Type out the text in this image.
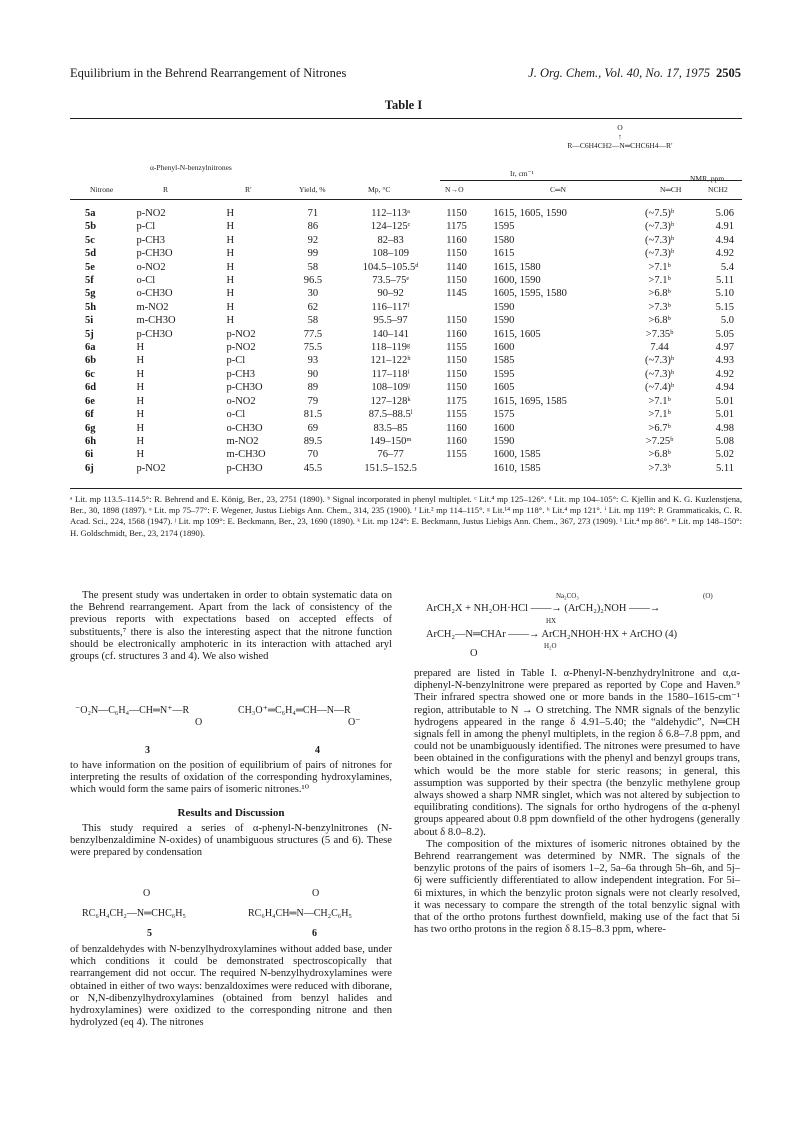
Equilibrium in the Behrend Rearrangement of Nitrones	J. Org. Chem., Vol. 40, No. 17, 1975 2505
Table I
O
↑
R—C6H4CH2—N═CHC6H4—R′
α-Phenyl-N-benzylnitrones
Ir, cm⁻¹
NMR, ppm
Nitrone	R	R′	Yield, %	Mp, °C	N→O	C═N	N═CH	NCH2
5a	p-NO2	H	71	112–113ᵃ	1150	1615, 1605, 1590	(~7.5)ᵇ	5.06
5b	p-Cl	H	86	124–125ᶜ	1175	1595	(~7.3)ᵇ	4.91
5c	p-CH3	H	92	82–83	1160	1580	(~7.3)ᵇ	4.94
5d	p-CH3O	H	99	108–109	1150	1615	(~7.3)ᵇ	4.92
5e	o-NO2	H	58	104.5–105.5ᵈ	1140	1615, 1580	>7.1ᵇ	5.4
5f	o-Cl	H	96.5	73.5–75ᵉ	1150	1600, 1590	>7.1ᵇ	5.11
5g	o-CH3O	H	30	90–92	1145	1605, 1595, 1580	>6.8ᵇ	5.10
5h	m-NO2	H	62	116–117ᶠ		1590	>7.3ᵇ	5.15
5i	m-CH3O	H	58	95.5–97	1150	1590	>6.8ᵇ	5.0
5j	p-CH3O	p-NO2	77.5	140–141	1160	1615, 1605	>7.35ᵇ	5.05
6a	H	p-NO2	75.5	118–119ᵍ	1155	1600	7.44	4.97
6b	H	p-Cl	93	121–122ʰ	1150	1585	(~7.3)ᵇ	4.93
6c	H	p-CH3	90	117–118ⁱ	1150	1595	(~7.3)ᵇ	4.92
6d	H	p-CH3O	89	108–109ʲ	1150	1605	(~7.4)ᵇ	4.94
6e	H	o-NO2	79	127–128ᵏ	1175	1615, 1695, 1585	>7.1ᵇ	5.01
6f	H	o-Cl	81.5	87.5–88.5ˡ	1155	1575	>7.1ᵇ	5.01
6g	H	o-CH3O	69	83.5–85	1160	1600	>6.7ᵇ	4.98
6h	H	m-NO2	89.5	149–150ᵐ	1160	1590	>7.25ᵇ	5.08
6i	H	m-CH3O	70	76–77	1155	1600, 1585	>6.8ᵇ	5.02
6j	p-NO2	p-CH3O	45.5	151.5–152.5		1610, 1585	>7.3ᵇ	5.11
ᵃ Lit. mp 113.5–114.5°: R. Behrend and E. König, Ber., 23, 2751 (1890). ᵇ Signal incorporated in phenyl multiplet. ᶜ Lit.⁴ mp 125–126°. ᵈ Lit. mp 104–105°: C. Kjellin and K. G. Kuzlenstjena, Ber., 30, 1898 (1897). ᵉ Lit. mp 75–77°: F. Wegener, Justus Liebigs Ann. Chem., 314, 235 (1900). ᶠ Lit.² mp 114–115°. ᵍ Lit.¹⁴ mp 118°. ʰ Lit.⁴ mp 121°. ⁱ Lit. mp 119°: P. Grammaticakis, C. R. Acad. Sci., 224, 1568 (1947). ʲ Lit. mp 109°: E. Beckmann, Ber., 23, 1690 (1890). ᵏ Lit. mp 124°: E. Beckmann, Justus Liebigs Ann. Chem., 367, 273 (1909). ˡ Lit.⁴ mp 86°. ᵐ Lit. mp 148–150°: H. Goldschmidt, Ber., 23, 2174 (1890).

The present study was undertaken in order to obtain systematic data on the Behrend rearrangement. Apart from the lack of consistency of the previous reports with expectations based on accepted effects of substituents,⁷ there is also the interesting aspect that the nitrone function should be electronically amphoteric in its interaction with attached aryl groups (cf. structures 3 and 4). We also wished

⁻O₂N—C₆H₄—CH═N⁺—R
O
CH₃O⁺═C₆H₄═CH—N—R
O⁻
3	4

to have information on the position of equilibrium of pairs of nitrones for interpreting the results of oxidation of the corresponding hydroxylamines, which would form the same pairs of isomeric nitrones.¹⁰

Results and Discussion

This study required a series of α-phenyl-N-benzylnitrones (N-benzylbenzaldimine N-oxides) of unambiguous structures (5 and 6). These were prepared by condensation

O	O
RC₆H₄CH₂—N═CHC₆H₅	RC₆H₄CH═N—CH₂C₆H₅
5	6

of benzaldehydes with N-benzylhydroxylamines without added base, under which conditions it could be demonstrated spectroscopically that rearrangement did not occur. The required N-benzylhydroxylamines were obtained in either of two ways: benzaldoximes were reduced with diborane, or N,N-dibenzylhydroxylamines (obtained from benzyl halides and hydroxylamines) were oxidized to the corresponding nitrone and then hydrolyzed (eq 4). The nitrones

Na₂CO₃	(O)
ArCH₂X + NH₂OH·HCl ——→ (ArCH₂)₂NOH ——→
HX
ArCH₂—N═CHAr ——→ ArCH₂NHOH·HX + ArCHO (4)
H₂O
O

prepared are listed in Table I. α-Phenyl-N-benzhydrylnitrone and α,α-diphenyl-N-benzylnitrone were prepared as reported by Cope and Haven.⁹ Their infrared spectra showed one or more bands in the 1580–1615-cm⁻¹ region, attributable to N → O stretching. The NMR signals of the benzylic hydrogens appeared in the range δ 4.91–5.40; the “aldehydic”, N═CH signals fell in among the phenyl multiplets, in the region δ 6.8–7.8 ppm, and could not be unambiguously identified. The nitrones were presumed to have been obtained in the configurations with the phenyl and benzyl groups trans, which would be the more stable for steric reasons; in general, this assumption was supported by their spectra (the benzylic methylene group always showed a sharp NMR singlet, which was not altered by subjection to equilibrating conditions). The signals for ortho hydrogens of the α-phenyl groups appeared about 0.8 ppm downfield of the other hydrogens (generally about δ 8.0–8.2).

The composition of the mixtures of isomeric nitrones obtained by the Behrend rearrangement was determined by NMR. The signals of the benzylic protons of the pairs of isomers 1–2, 5a–6a through 5h–6h, and 5j–6j were sufficiently differentiated to allow independent integration. For 5i–6i mixtures, in which the benzylic proton signals were not clearly resolved, it was necessary to compare the strength of the total benzylic signal with that of the ortho protons furthest downfield, making use of the fact that 5i has two ortho protons in the region δ 8.15–8.3 ppm, where-
